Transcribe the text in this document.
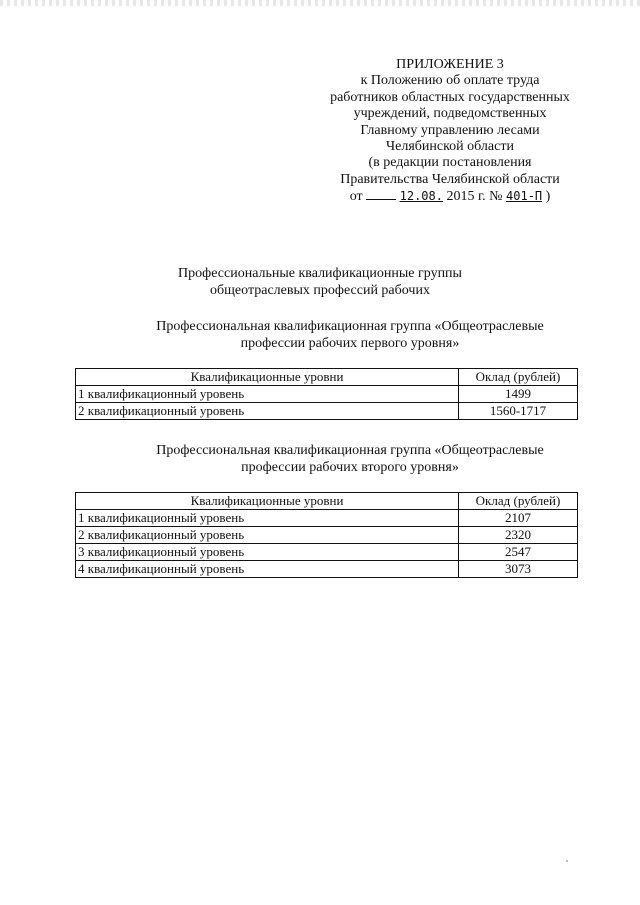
ПРИЛОЖЕНИЕ 3
к Положению об оплате труда
работников областных государственных
учреждений, подведомственных
Главному управлению лесами
Челябинской области
(в редакции постановления
Правительства Челябинской области
от	12.08. 2015 г. № 401-П )
Профессиональные квалификационные группы
общеотраслевых профессий рабочих
Профессиональная квалификационная группа «Общеотраслевые
профессии рабочих первого уровня»
Квалификационные уровни	Оклад (рублей)
1 квалификационный уровень	1499
2 квалификационный уровень	1560-1717
Профессиональная квалификационная группа «Общеотраслевые
профессии рабочих второго уровня»
Квалификационные уровни	Оклад (рублей)
1 квалификационный уровень	2107
2 квалификационный уровень	2320
3 квалификационный уровень	2547
4 квалификационный уровень	3073
